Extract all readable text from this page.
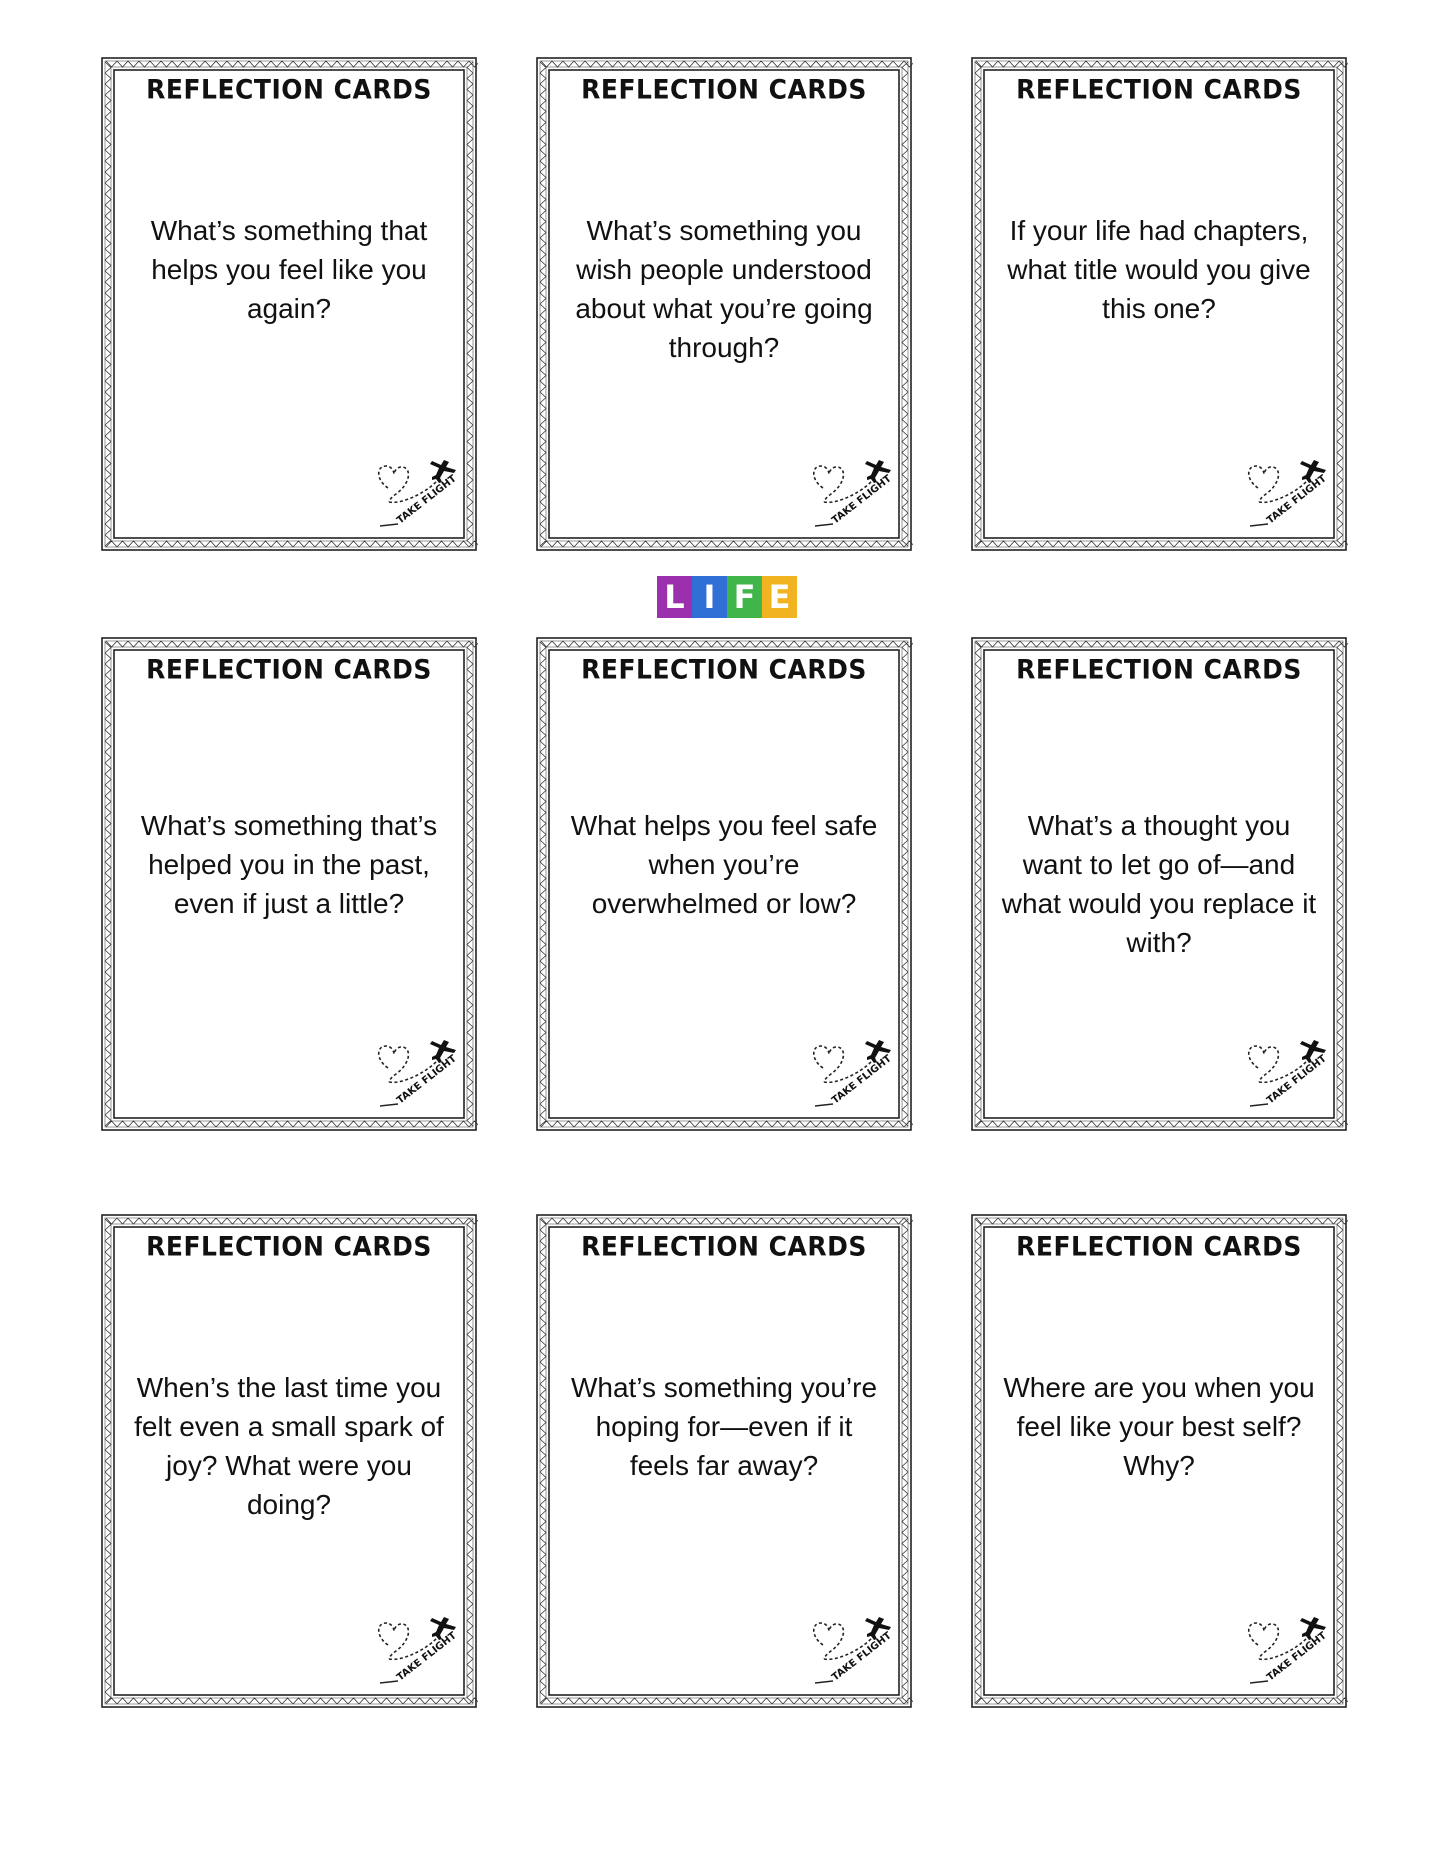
L I F E
REFLECTION CARDS
What’s something that helps you feel like you again?
TAKE FLIGHT
REFLECTION CARDS
What’s something you wish people understood about what you’re going through?
TAKE FLIGHT
REFLECTION CARDS
If your life had chapters, what title would you give this one?
TAKE FLIGHT
REFLECTION CARDS
What’s something that’s helped you in the past, even if just a little?
TAKE FLIGHT
REFLECTION CARDS
What helps you feel safe when you’re overwhelmed or low?
TAKE FLIGHT
REFLECTION CARDS
What’s a thought you want to let go of—and what would you replace it with?
TAKE FLIGHT
REFLECTION CARDS
When’s the last time you felt even a small spark of joy? What were you doing?
TAKE FLIGHT
REFLECTION CARDS
What’s something you’re hoping for—even if it feels far away?
TAKE FLIGHT
REFLECTION CARDS
Where are you when you feel like your best self? Why?
TAKE FLIGHT
